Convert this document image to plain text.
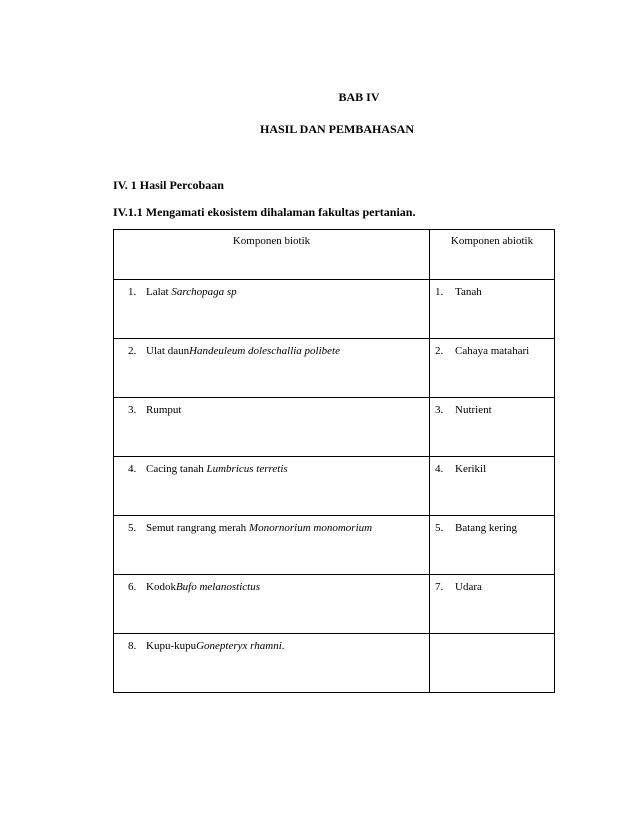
BAB IV
HASIL DAN PEMBAHASAN
IV. 1 Hasil Percobaan
IV.1.1 Mengamati ekosistem dihalaman fakultas pertanian.
Komponen biotik	Komponen abiotik
1. Lalat Sarchopaga sp	1. Tanah
2. Ulat daunHandeuleum doleschallia polibete	2. Cahaya matahari
3. Rumput	3. Nutrient
4. Cacing tanah Lumbricus terretis	4. Kerikil
5. Semut rangrang merah Monornorium monomorium	5. Batang kering
6. KodokBufo melanostictus	7. Udara
8. Kupu-kupuGonepteryx rhamni.	
